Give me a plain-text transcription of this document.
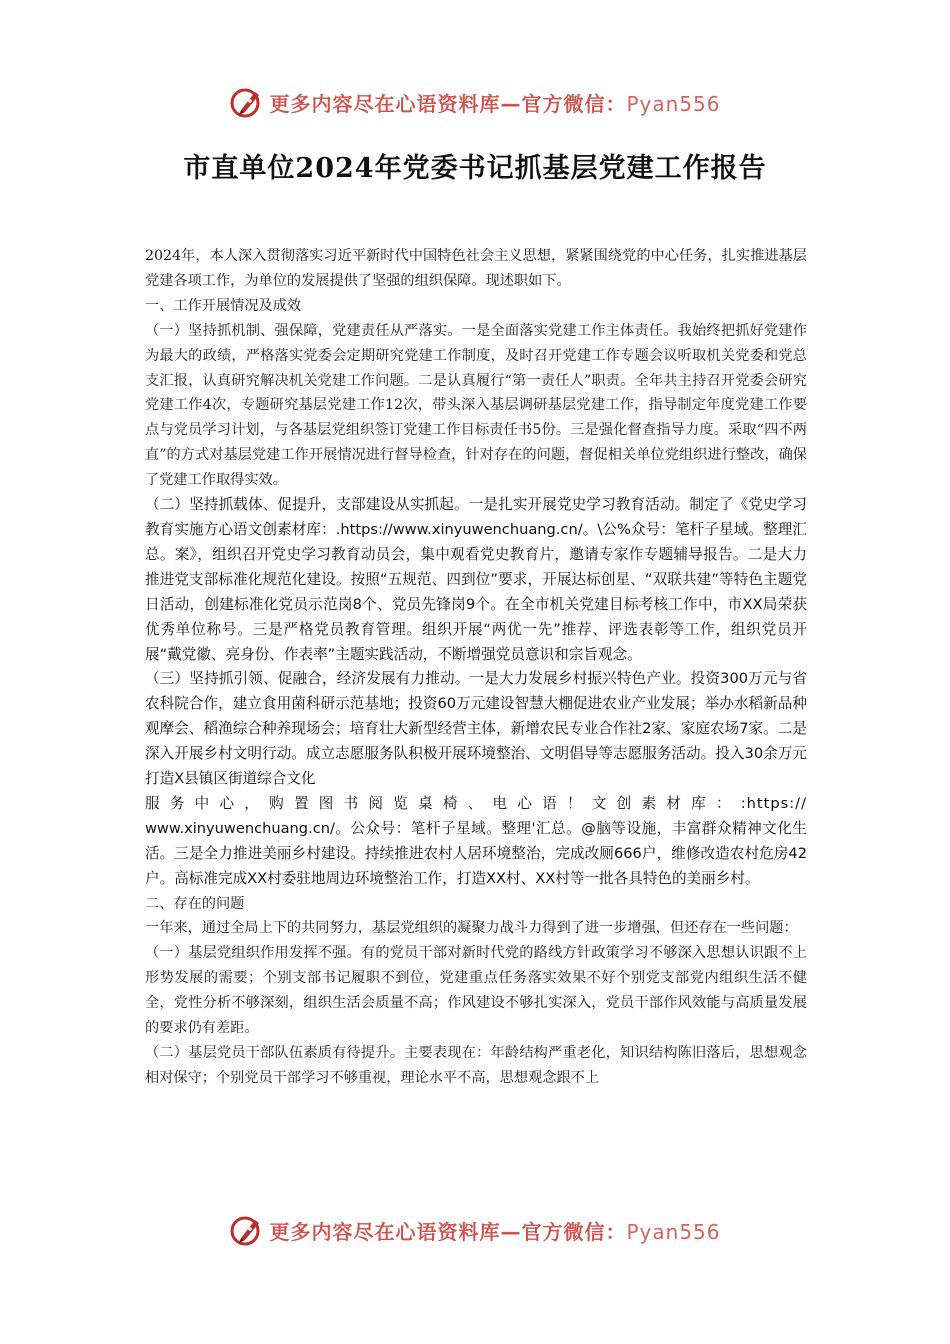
更多内容尽在心语资料库—官方微信：Pyan556
市直单位2024年党委书记抓基层党建工作报告

2024年，本人深入贯彻落实习近平新时代中国特色社会主义思想，紧紧围绕党的中心任务，扎实推进基层党建各项工作，为单位的发展提供了坚强的组织保障。现述职如下。

一、工作开展情况及成效

（一）坚持抓机制、强保障，党建责任从严落实。一是全面落实党建工作主体责任。我始终把抓好党建作为最大的政绩，严格落实党委会定期研究党建工作制度，及时召开党建工作专题会议听取机关党委和党总支汇报，认真研究解决机关党建工作问题。二是认真履行“第一责任人”职责。全年共主持召开党委会研究党建工作4次，专题研究基层党建工作12次，带头深入基层调研基层党建工作，指导制定年度党建工作要点与党员学习计划，与各基层党组织签订党建工作目标责任书5份。三是强化督查指导力度。采取“四不两直”的方式对基层党建工作开展情况进行督导检查，针对存在的问题，督促相关单位党组织进行整改，确保了党建工作取得实效。

（二）坚持抓载体、促提升，支部建设从实抓起。一是扎实开展党史学习教育活动。制定了《党史学习教育实施方心语文创素材库：.https://www.xinyuwenchuang.cn/。\公%众号：笔杆子星域。整理汇总。案》，组织召开党史学习教育动员会，集中观看党史教育片，邀请专家作专题辅导报告。二是大力推进党支部标准化规范化建设。按照“五规范、四到位”要求，开展达标创星、“双联共建”等特色主题党日活动，创建标准化党员示范岗8个、党员先锋岗9个。在全市机关党建目标考核工作中，市XX局荣获优秀单位称号。三是严格党员教育管理。组织开展“两优一先”推荐、评选表彰等工作，组织党员开展“戴党徽、亮身份、作表率”主题实践活动，不断增强党员意识和宗旨观念。

（三）坚持抓引领、促融合，经济发展有力推动。一是大力发展乡村振兴特色产业。投资300万元与省农科院合作，建立食用菌科研示范基地；投资60万元建设智慧大棚促进农业产业发展；举办水稻新品种观摩会、稻渔综合种养现场会；培育壮大新型经营主体，新增农民专业合作社2家、家庭农场7家。二是深入开展乡村文明行动。成立志愿服务队积极开展环境整治、文明倡导等志愿服务活动。投入30余万元打造X县镇区街道综合文化

服务中心，购置图书阅览桌椅、电心语！文创素材库：:https://

www.xinyuwenchuang.cn/。公众号：笔杆子星域。整理'汇总。@脑等设施，丰富群众精神文化生活。三是全力推进美丽乡村建设。持续推进农村人居环境整治，完成改厕666户，维修改造农村危房42户。高标准完成XX村委驻地周边环境整治工作，打造XX村、XX村等一批各具特色的美丽乡村。

二、存在的问题

一年来，通过全局上下的共同努力，基层党组织的凝聚力战斗力得到了进一步增强，但还存在一些问题：

（一）基层党组织作用发挥不强。有的党员干部对新时代党的路线方针政策学习不够深入思想认识跟不上形势发展的需要；个别支部书记履职不到位，党建重点任务落实效果不好个别党支部党内组织生活不健全，党性分析不够深刻，组织生活会质量不高；作风建设不够扎实深入，党员干部作风效能与高质量发展的要求仍有差距。

（二）基层党员干部队伍素质有待提升。主要表现在：年龄结构严重老化，知识结构陈旧落后，思想观念相对保守；个别党员干部学习不够重视，理论水平不高，思想观念跟不上

更多内容尽在心语资料库—官方微信：Pyan556
